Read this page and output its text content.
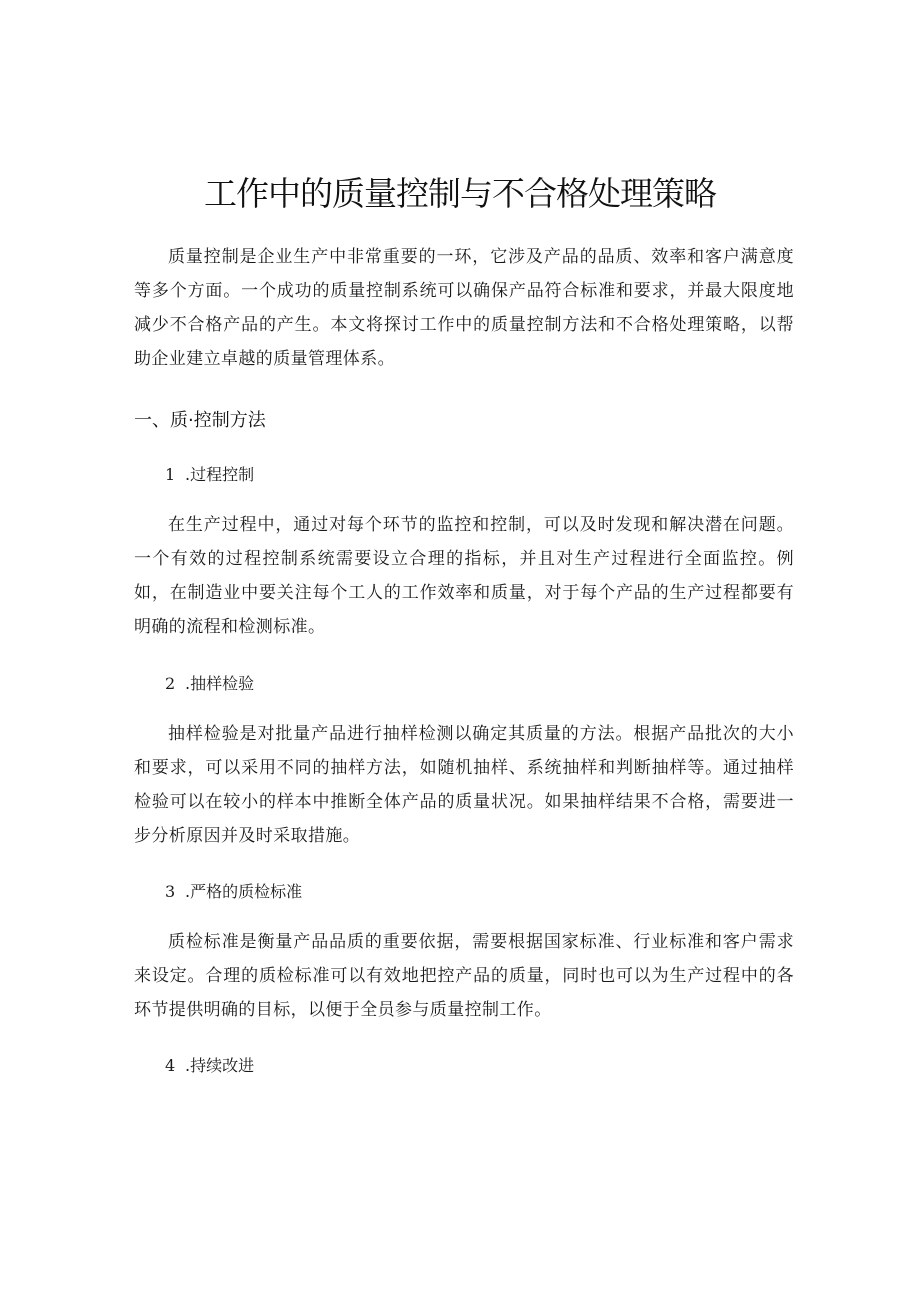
工作中的质量控制与不合格处理策略

质量控制是企业生产中非常重要的一环，它涉及产品的品质、效率和客户满意度等多个方面。一个成功的质量控制系统可以确保产品符合标准和要求，并最大限度地减少不合格产品的产生。本文将探讨工作中的质量控制方法和不合格处理策略，以帮助企业建立卓越的质量管理体系。

一、质·控制方法
1 .过程控制

在生产过程中，通过对每个环节的监控和控制，可以及时发现和解决潜在问题。一个有效的过程控制系统需要设立合理的指标，并且对生产过程进行全面监控。例如，在制造业中要关注每个工人的工作效率和质量，对于每个产品的生产过程都要有明确的流程和检测标准。

2 .抽样检验

抽样检验是对批量产品进行抽样检测以确定其质量的方法。根据产品批次的大小和要求，可以采用不同的抽样方法，如随机抽样、系统抽样和判断抽样等。通过抽样检验可以在较小的样本中推断全体产品的质量状况。如果抽样结果不合格，需要进一步分析原因并及时采取措施。

3 .严格的质检标准

质检标准是衡量产品品质的重要依据，需要根据国家标准、行业标准和客户需求来设定。合理的质检标准可以有效地把控产品的质量，同时也可以为生产过程中的各环节提供明确的目标，以便于全员参与质量控制工作。

4 .持续改进
